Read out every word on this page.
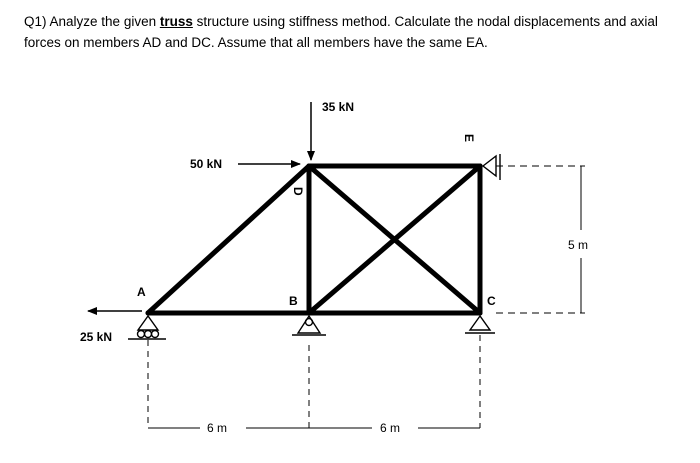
Q1) Analyze the given truss structure using stiffness method. Calculate the nodal displacements and axial forces on members AD and DC. Assume that all members have the same EA.
35 kN
50 kN
25 kN
A
B	C
D
E
6 m	6 m
5 m
